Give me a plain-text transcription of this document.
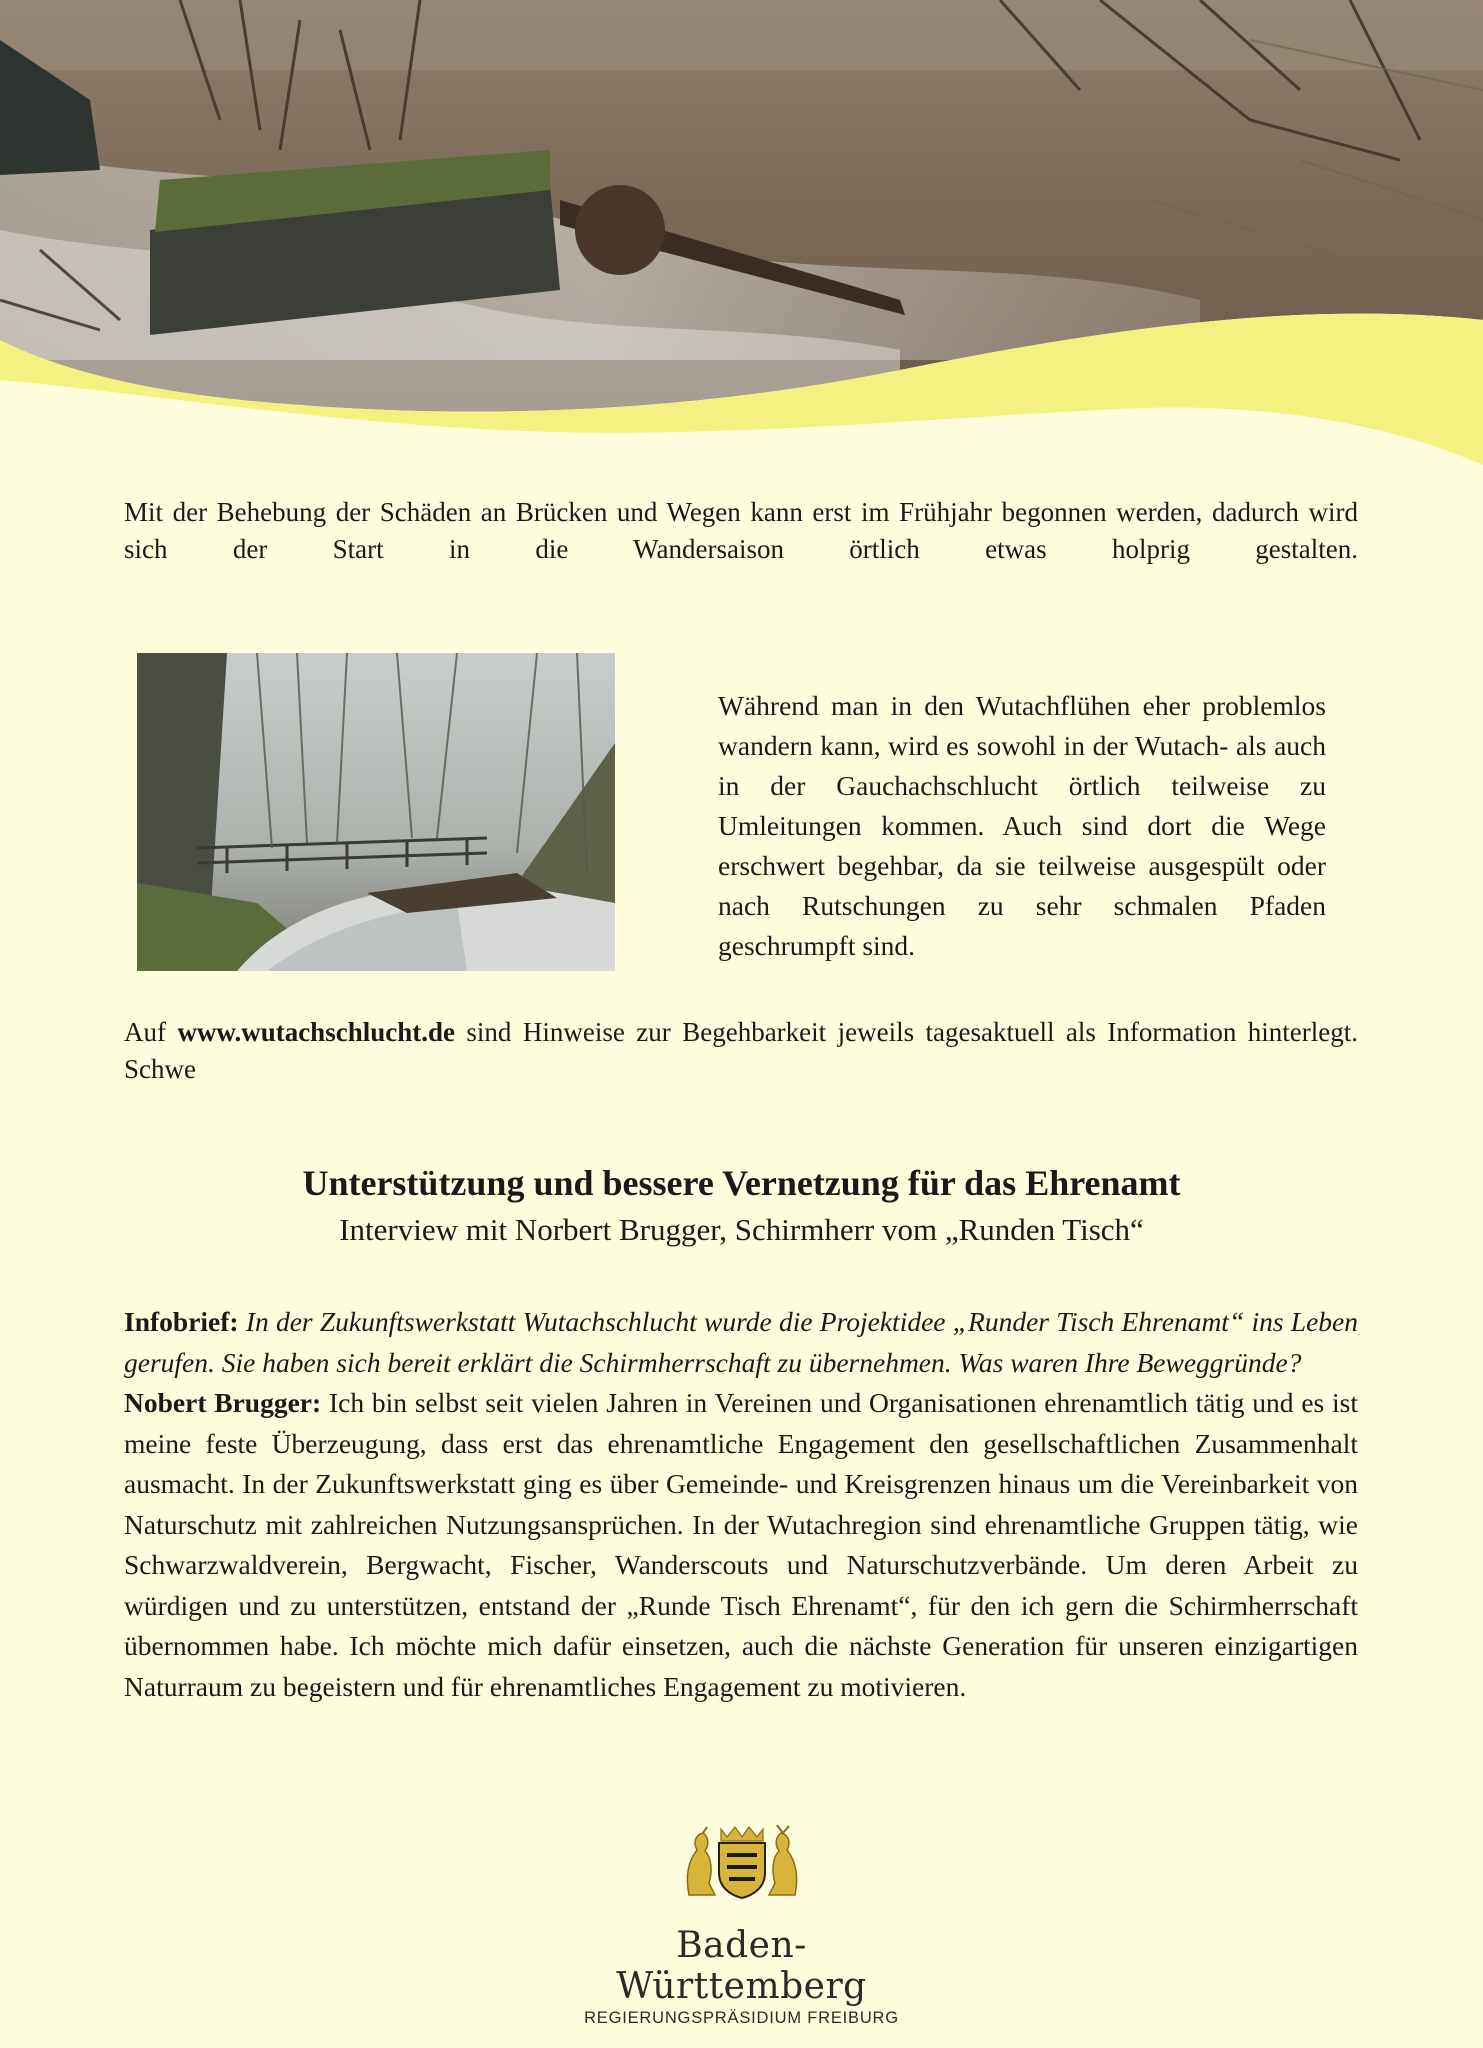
Mit der Behebung der Schäden an Brücken und Wegen kann erst im Frühjahr begonnen werden, dadurch wird sich der Start in die Wandersaison örtlich etwas holprig gestalten.

Während man in den Wutachflühen eher problemlos wandern kann, wird es sowohl in der Wutach- als auch in der Gauchachschlucht örtlich teilweise zu Umleitungen kommen. Auch sind dort die Wege erschwert begehbar, da sie teilweise ausgespült oder nach Rutschungen zu sehr schmalen Pfaden geschrumpft sind.

Auf www.wutachschlucht.de sind Hinweise zur Begehbarkeit jeweils tagesaktuell als Information hinterlegt. Schwe

Unterstützung und bessere Vernetzung für das Ehrenamt

Interview mit Norbert Brugger, Schirmherr vom „Runden Tisch“

Infobrief: In der Zukunftswerkstatt Wutachschlucht wurde die Projektidee „Runder Tisch Ehrenamt“ ins Leben gerufen. Sie haben sich bereit erklärt die Schirmherrschaft zu übernehmen. Was waren Ihre Beweggründe?
Nobert Brugger: Ich bin selbst seit vielen Jahren in Vereinen und Organisationen ehrenamtlich tätig und es ist meine feste Überzeugung, dass erst das ehrenamtliche Engagement den gesellschaftlichen Zusammenhalt ausmacht. In der Zukunftswerkstatt ging es über Gemeinde- und Kreisgrenzen hinaus um die Vereinbarkeit von Naturschutz mit zahlreichen Nutzungsansprüchen. In der Wutachregion sind ehrenamtliche Gruppen tätig, wie Schwarzwaldverein, Bergwacht, Fischer, Wanderscouts und Naturschutzverbände. Um deren Arbeit zu würdigen und zu unterstützen, entstand der „Runde Tisch Ehrenamt“, für den ich gern die Schirmherrschaft übernommen habe. Ich möchte mich dafür einsetzen, auch die nächste Generation für unseren einzigartigen Naturraum zu begeistern und für ehrenamtliches Engagement zu motivieren.
Baden-Württemberg
REGIERUNGSPRÄSIDIUM FREIBURG
